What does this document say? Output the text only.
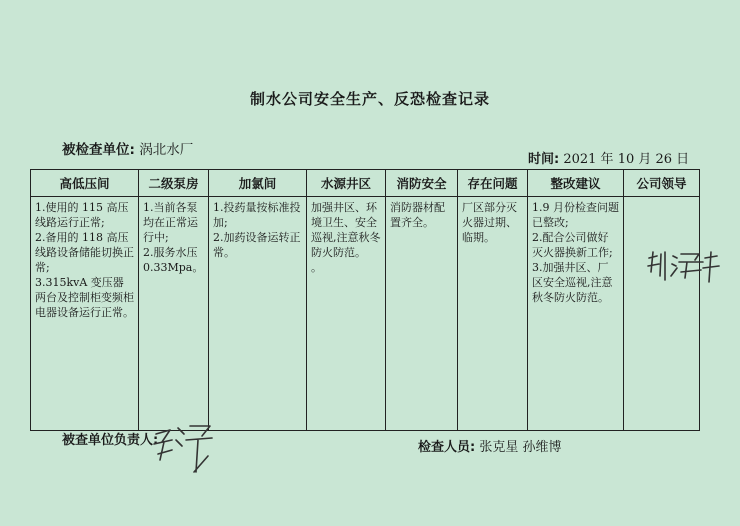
制水公司安全生产、反恐检查记录
被检查单位: 涡北水厂
时间: 2021 年 10 月 26 日
高低压间	二级泵房	加氯间	水源井区	消防安全	存在问题	整改建议	公司领导
1.使用的 115 高压线路运行正常;
2.备用的 118 高压线路设备储能切换正常;
3.315kvA 变压器两台及控制柜变频柜电器设备运行正常。	1.当前各泵均在正常运行中;
2.服务水压 0.33Mpa。	1.投药量按标准投加;
2.加药设备运转正常。	加强井区、环境卫生、安全巡视,注意秋冬防火防范。
。	消防器材配置齐全。	厂区部分灭火器过期、临期。	1.9 月份检查问题已整改;
2.配合公司做好灭火器换新工作;
3.加强井区、厂区安全巡视,注意秋冬防火防范。	
被查单位负责人:	检查人员: 张克星 孙维博
